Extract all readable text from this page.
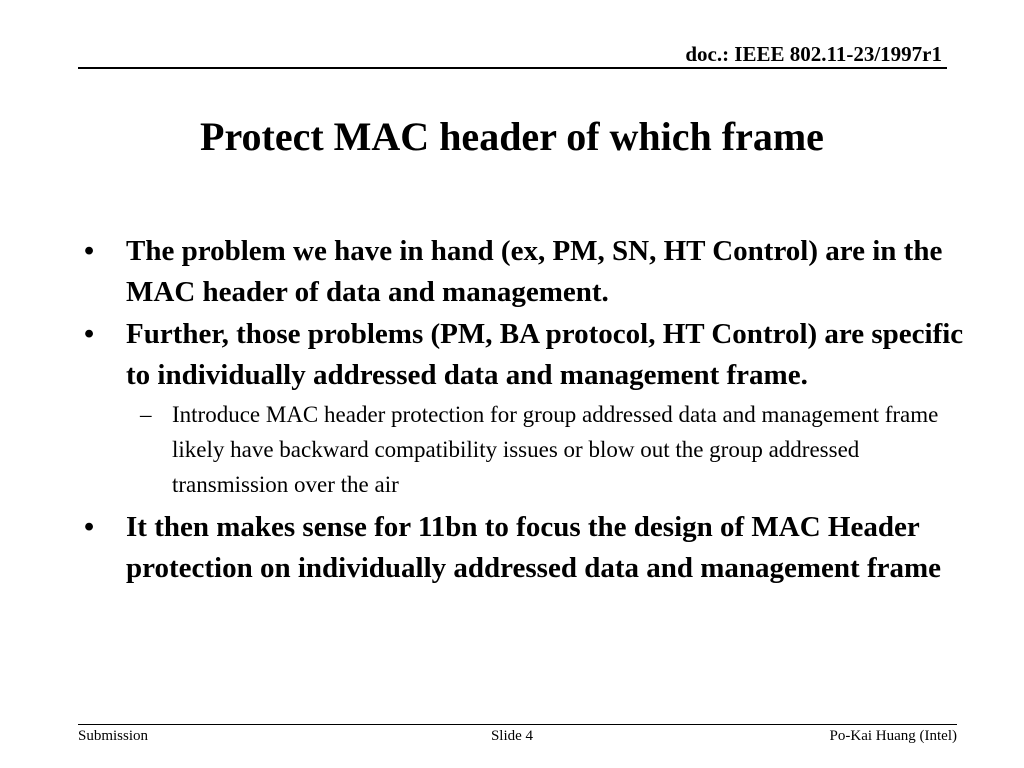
doc.: IEEE 802.11-23/1997r1
Protect MAC header of which frame
• The problem we have in hand (ex, PM, SN, HT Control) are in the MAC header of data and management.
• Further, those problems (PM, BA protocol, HT Control) are specific to individually addressed data and management frame.
– Introduce MAC header protection for group addressed data and management frame likely have backward compatibility issues or blow out the group addressed transmission over the air
• It then makes sense for 11bn to focus the design of MAC Header protection on individually addressed data and management frame
Submission	Slide 4	Po-Kai Huang (Intel)
